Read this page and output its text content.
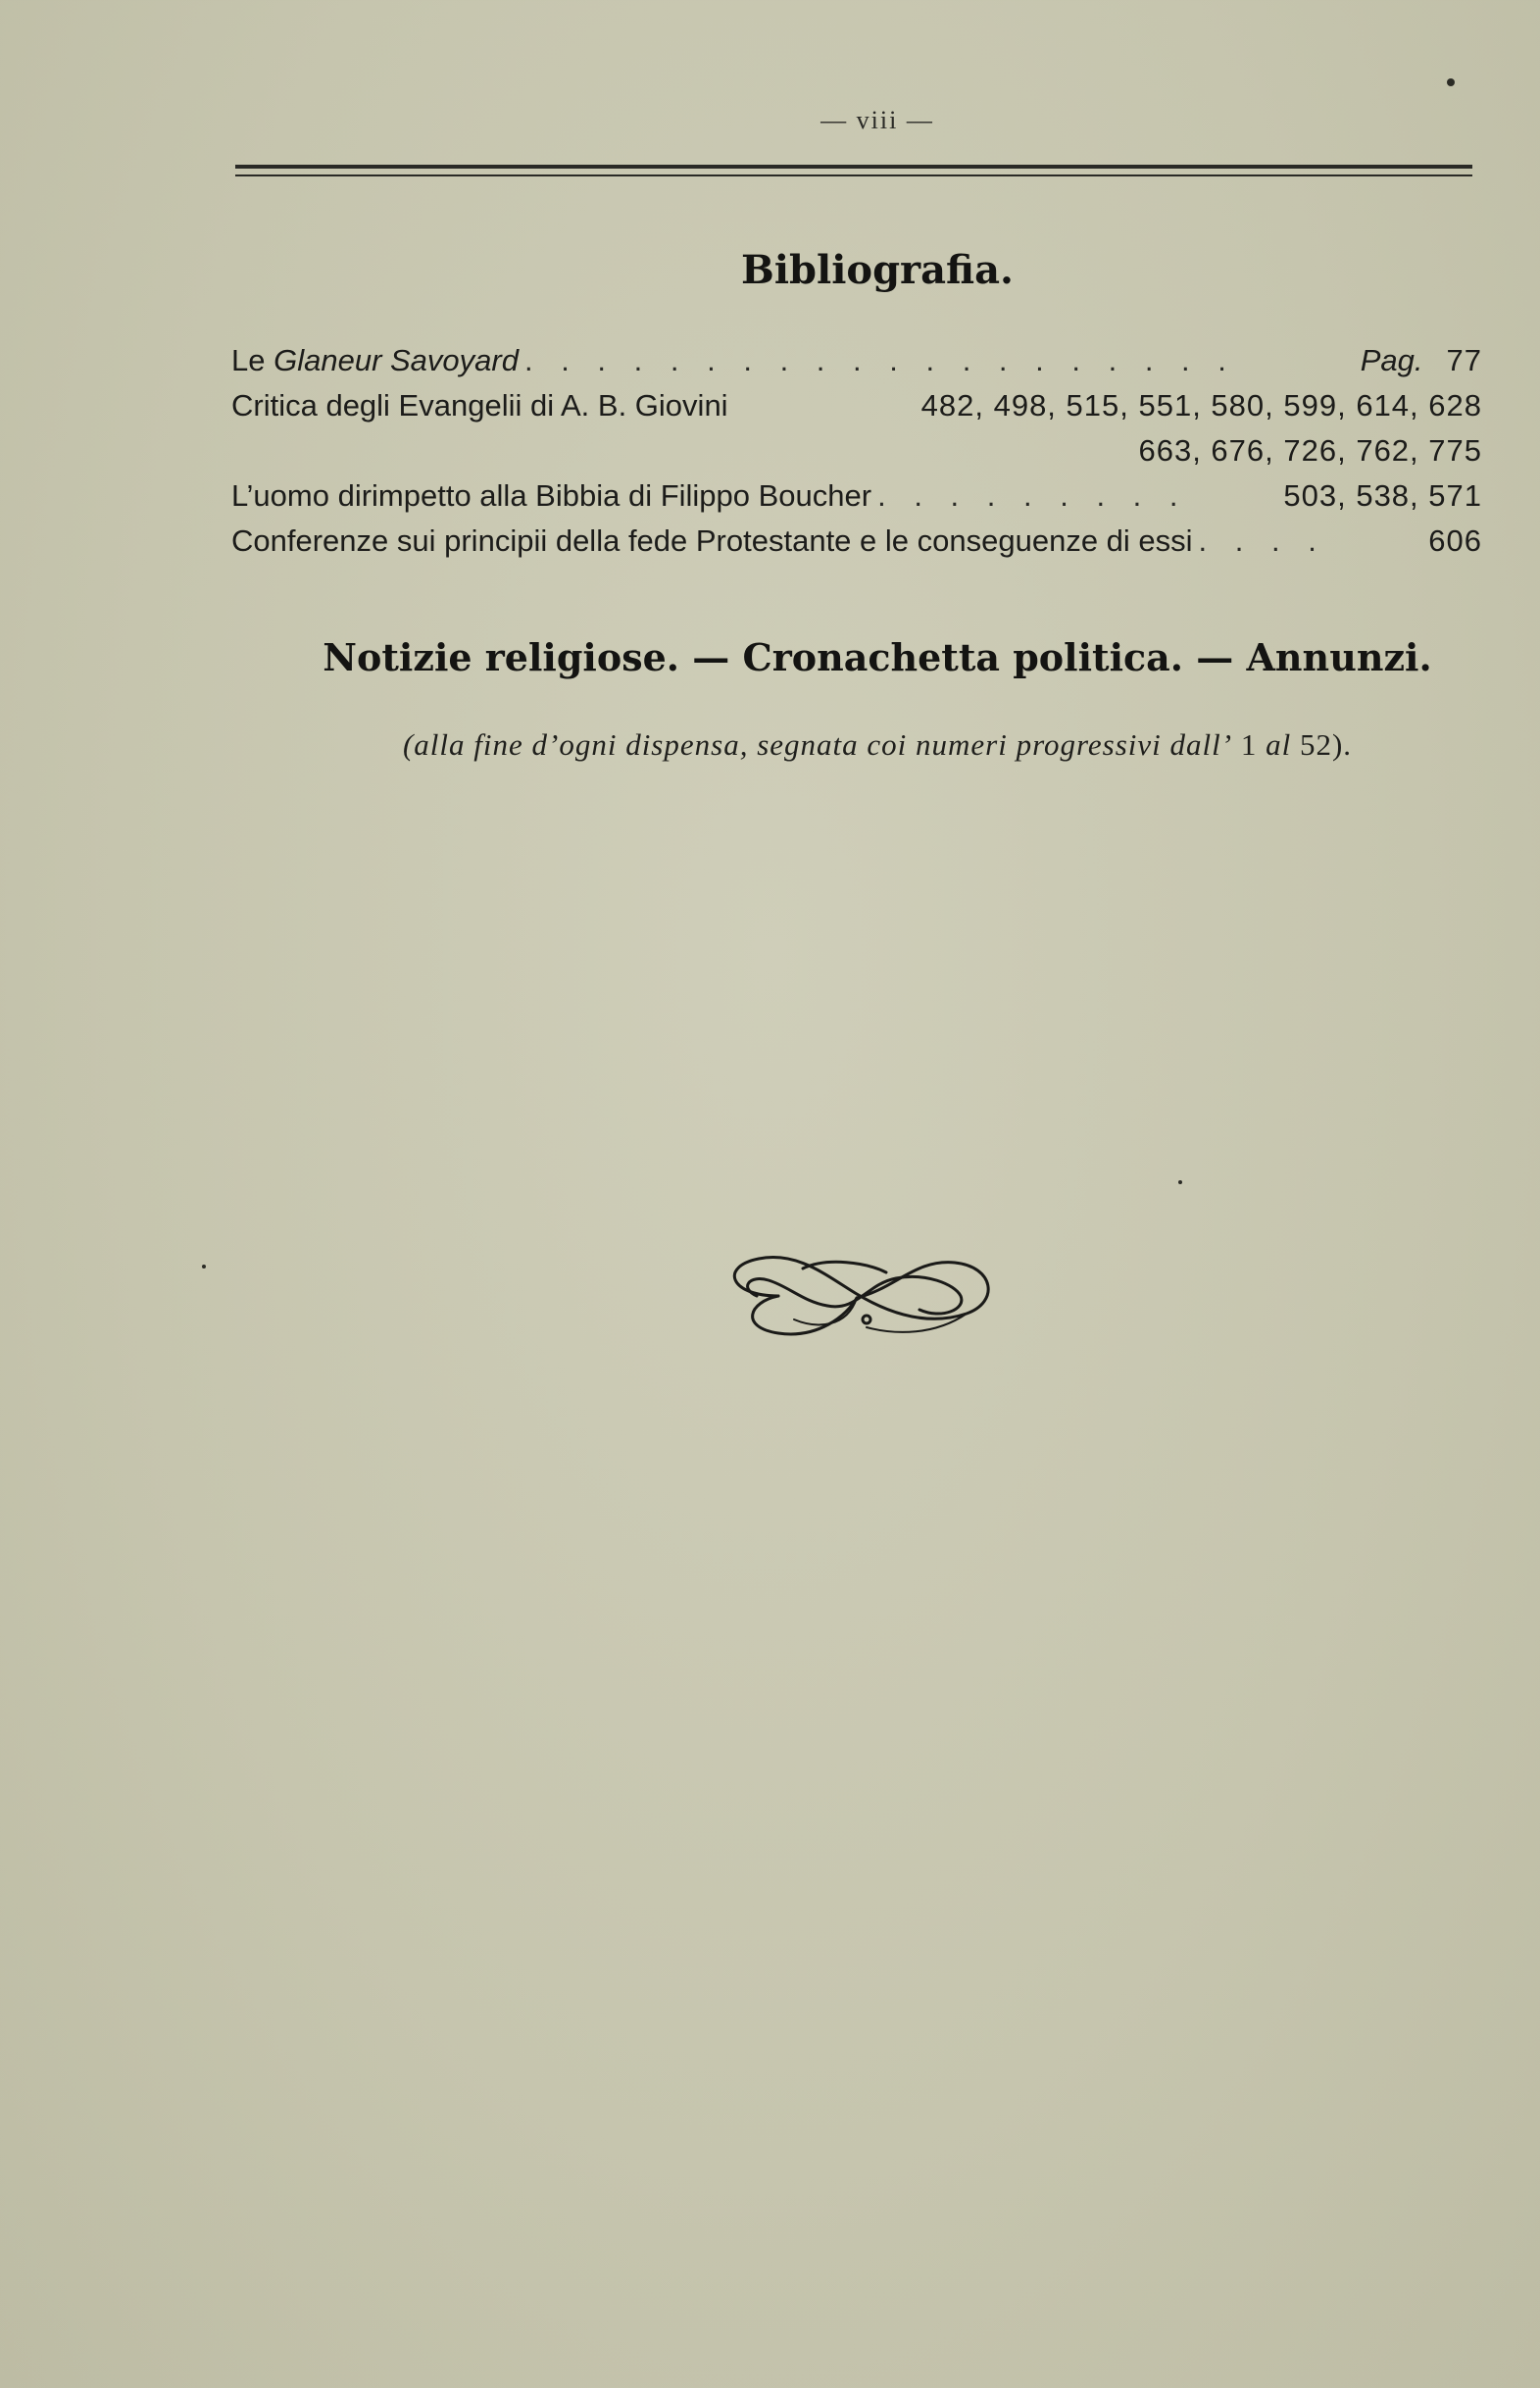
— viii —
Bibliografia.
Le Glaneur Savoyard . . . . . . . . . . . . . . . . . . . .	Pag. 77
Critica degli Evangelii di A. B. Giovini	482, 498, 515, 551, 580, 599, 614, 628
663, 676, 726, 762, 775
L’uomo dirimpetto alla Bibbia di Filippo Boucher . . . . . . . . .	503, 538, 571
Conferenze sui principii della fede Protestante e le conseguenze di essi . . . .	606
Notizie religiose. — Cronachetta politica. — Annunzi.
(alla fine d’ogni dispensa, segnata coi numeri progressivi dall’ 1 al 52).
